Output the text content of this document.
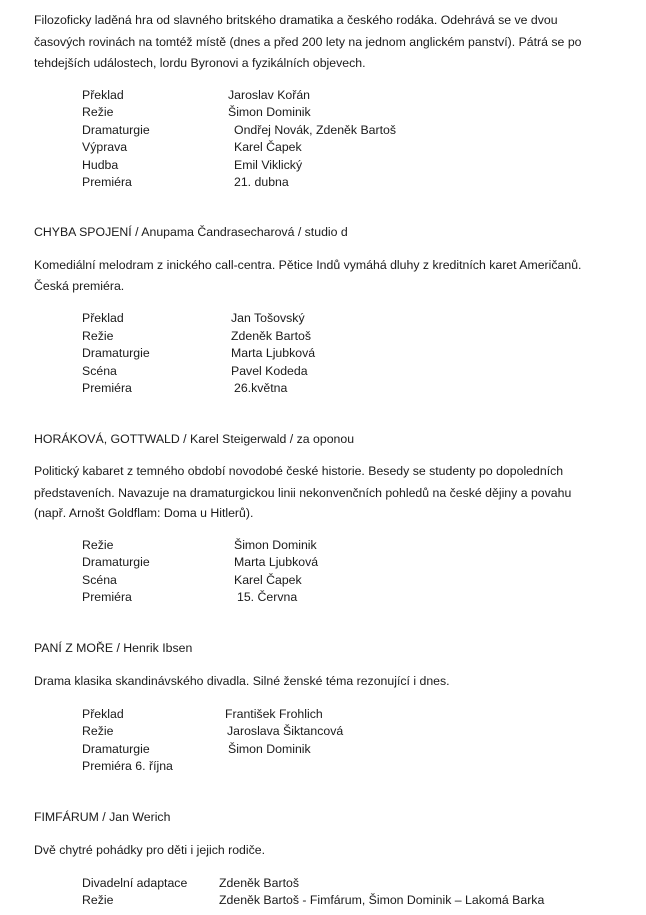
Filozoficky laděná hra od slavného britského dramatika a českého rodáka. Odehrává se ve dvou
časových rovinách na tomtéž místě (dnes a před 200 lety na jednom anglickém panství). Pátrá se po
tehdejších událostech, lordu Byronovi a fyzikálních objevech.
Překlad	Jaroslav Kořán
Režie	Šimon Dominik
Dramaturgie	Ondřej Novák, Zdeněk Bartoš
Výprava	Karel Čapek
Hudba	Emil Viklický
Premiéra	21. dubna
CHYBA SPOJENÍ / Anupama Čandrasecharová / studio d
Komediální melodram z inického call-centra. Pětice Indů vymáhá dluhy z kreditních karet Američanů.
Česká premiéra.
Překlad	Jan Tošovský
Režie	Zdeněk Bartoš
Dramaturgie	Marta Ljubková
Scéna	Pavel Kodeda
Premiéra	26.května
HORÁKOVÁ, GOTTWALD / Karel Steigerwald / za oponou
Politický kabaret z temného období novodobé české historie. Besedy se studenty po dopoledních
představeních. Navazuje na dramaturgickou linii nekonvenčních pohledů na české dějiny a povahu
(např. Arnošt Goldflam: Doma u Hitlerů).
Režie	Šimon Dominik
Dramaturgie	Marta Ljubková
Scéna	Karel Čapek
Premiéra	15. Června
PANÍ Z MOŘE / Henrik Ibsen
Drama klasika skandinávského divadla. Silné ženské téma rezonující i dnes.
Překlad	František Frohlich
Režie	Jaroslava Šiktancová
Dramaturgie	Šimon Dominik
Premiéra 6. října
FIMFÁRUM / Jan Werich
Dvě chytré pohádky pro děti i jejich rodiče.
Divadelní adaptace	Zdeněk Bartoš
Režie	Zdeněk Bartoš - Fimfárum, Šimon Dominik – Lakomá Barka
